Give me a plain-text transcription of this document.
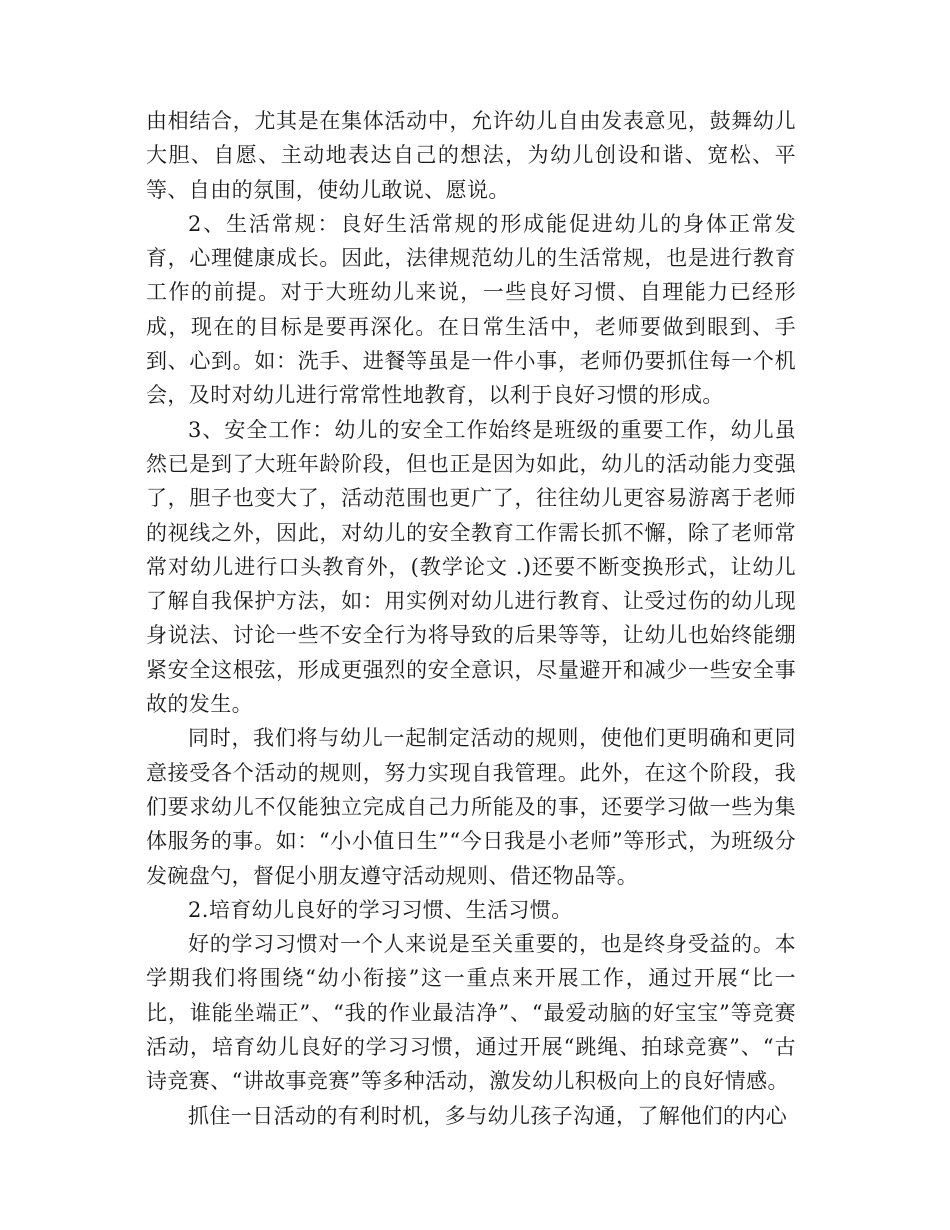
由相结合，尤其是在集体活动中，允许幼儿自由发表意见，鼓舞幼儿大胆、自愿、主动地表达自己的想法，为幼儿创设和谐、宽松、平等、自由的氛围，使幼儿敢说、愿说。

2、生活常规：良好生活常规的形成能促进幼儿的身体正常发育，心理健康成长。因此，法律规范幼儿的生活常规，也是进行教育工作的前提。对于大班幼儿来说，一些良好习惯、自理能力已经形成，现在的目标是要再深化。在日常生活中，老师要做到眼到、手到、心到。如：洗手、进餐等虽是一件小事，老师仍要抓住每一个机会，及时对幼儿进行常常性地教育，以利于良好习惯的形成。

3、安全工作：幼儿的安全工作始终是班级的重要工作，幼儿虽然已是到了大班年龄阶段，但也正是因为如此，幼儿的活动能力变强了，胆子也变大了，活动范围也更广了，往往幼儿更容易游离于老师的视线之外，因此，对幼儿的安全教育工作需长抓不懈，除了老师常常对幼儿进行口头教育外，(教学论文 .)还要不断变换形式，让幼儿了解自我保护方法，如：用实例对幼儿进行教育、让受过伤的幼儿现身说法、讨论一些不安全行为将导致的后果等等，让幼儿也始终能绷紧安全这根弦，形成更强烈的安全意识，尽量避开和减少一些安全事故的发生。

同时，我们将与幼儿一起制定活动的规则，使他们更明确和更同意接受各个活动的规则，努力实现自我管理。此外，在这个阶段，我们要求幼儿不仅能独立完成自己力所能及的事，还要学习做一些为集体服务的事。如：“小小值日生”“今日我是小老师”等形式，为班级分发碗盘勺，督促小朋友遵守活动规则、借还物品等。

2.培育幼儿良好的学习习惯、生活习惯。

好的学习习惯对一个人来说是至关重要的，也是终身受益的。本学期我们将围绕“幼小衔接”这一重点来开展工作，通过开展“比一比，谁能坐端正”、“我的作业最洁净”、“最爱动脑的好宝宝”等竞赛活动，培育幼儿良好的学习习惯，通过开展“跳绳、拍球竞赛”、“古诗竞赛、“讲故事竞赛”等多种活动，激发幼儿积极向上的良好情感。

抓住一日活动的有利时机，多与幼儿孩子沟通，了解他们的内心
